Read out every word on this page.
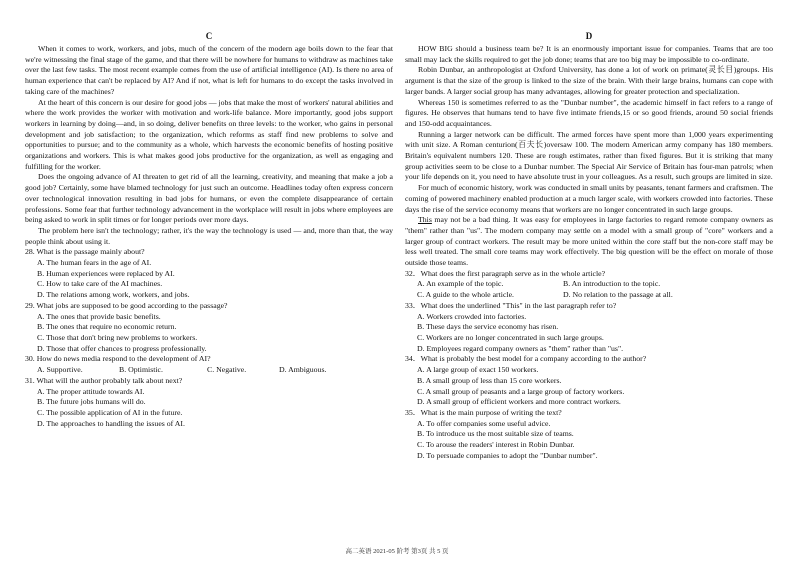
C

When it comes to work, workers, and jobs, much of the concern of the modern age boils down to the fear that we're witnessing the final stage of the game, and that there will be nowhere for humans to withdraw as machines take over the last few tasks. The most recent example comes from the use of artificial intelligence (AI). Is there no area of human experience that can't be replaced by AI? And if not, what is left for humans to do except the tasks involved in taking care of the machines?

At the heart of this concern is our desire for good jobs — jobs that make the most of workers' natural abilities and where the work provides the worker with motivation and work-life balance. More importantly, good jobs support workers in learning by doing—and, in so doing, deliver benefits on three levels: to the worker, who gains in personal development and job satisfaction; to the organization, which reforms as staff find new problems to solve and opportunities to pursue; and to the community as a whole, which harvests the economic benefits of hosting positive organizations and workers. This is what makes good jobs productive for the organization, as well as engaging and fulfilling for the worker.

Does the ongoing advance of AI threaten to get rid of all the learning, creativity, and meaning that make a job a good job? Certainly, some have blamed technology for just such an outcome. Headlines today often express concern over technological innovation resulting in bad jobs for humans, or even the complete disappearance of certain professions. Some fear that further technology advancement in the workplace will result in jobs where employees are being asked to work in split times or for longer periods over more days.

The problem here isn't the technology; rather, it's the way the technology is used — and, more than that, the way people think about using it.

28. What is the passage mainly about?

A. The human fears in the age of AI.

B. Human experiences were replaced by AI.

C. How to take care of the AI machines.

D. The relations among work, workers, and jobs.

29. What jobs are supposed to be good according to the passage?

A. The ones that provide basic benefits.

B. The ones that require no economic return.

C. Those that don't bring new problems to workers.

D. Those that offer chances to progress professionally.

30. How do news media respond to the development of AI?

A. Supportive.	B. Optimistic.	C. Negative.	D. Ambiguous.

31. What will the author probably talk about next?

A. The proper attitude towards AI.

B. The future jobs humans will do.

C. The possible application of AI in the future.

D. The approaches to handling the issues of AI.

D

HOW BIG should a business team be? It is an enormously important issue for companies. Teams that are too small may lack the skills required to get the job done; teams that are too big may be impossible to co-ordinate.

Robin Dunbar, an anthropologist at Oxford University, has done a lot of work on primate(灵长目)groups. His argument is that the size of the group is linked to the size of the brain. With their large brains, humans can cope with larger bands. A larger social group has many advantages, allowing for greater protection and specialization.

Whereas 150 is sometimes referred to as the "Dunbar number", the academic himself in fact refers to a range of figures. He observes that humans tend to have five intimate friends,15 or so good friends, around 50 social friends and 150-odd acquaintances.

Running a larger network can be difficult. The armed forces have spent more than 1,000 years experimenting with unit size. A Roman centurion(百夫长)oversaw 100. The modern American army company has 180 members. Britain's equivalent numbers 120. These are rough estimates, rather than fixed figures. But it is striking that many group activities seem to be close to a Dunbar number. The Special Air Service of Britain has four-man patrols; when your life depends on it, you need to have absolute trust in your colleagues. As a result, such groups are limited in size.

For much of economic history, work was conducted in small units by peasants, tenant farmers and craftsmen. The coming of powered machinery enabled production at a much larger scale, with workers crowded into factories. These days the rise of the service economy means that workers are no longer concentrated in such large groups.

This may not be a bad thing. It was easy for employees in large factories to regard remote company owners as "them" rather than "us". The modern company may settle on a model with a small group of "core" workers and a larger group of contract workers. The result may be more united within the core staff but the non-core staff may be less well treated. The small core teams may work effectively. The big question will be the effect on morale of those outside those teams.

32．What does the first paragraph serve as in the whole article?

A. An example of the topic.	B. An introduction to the topic.
C. A guide to the whole article.	D. No relation to the passage at all.

33．What does the underlined "This" in the last paragraph refer to?

A. Workers crowded into factories.

B. These days the service economy has risen.

C. Workers are no longer concentrated in such large groups.

D. Employees regard company owners as "them" rather than "us".

34．What is probably the best model for a company according to the author?

A. A large group of exact 150 workers.

B. A small group of less than 15 core workers.

C. A small group of peasants and a large group of factory workers.

D. A small group of efficient workers and more contract workers.

35．What is the main purpose of writing the text?

A. To offer companies some useful advice.

B. To introduce us the most suitable size of teams.

C. To arouse the readers' interest in Robin Dunbar.

D. To persuade companies to adopt the "Dunbar number".

高二英语 2021-05 阶考 第3页 共 5 页
